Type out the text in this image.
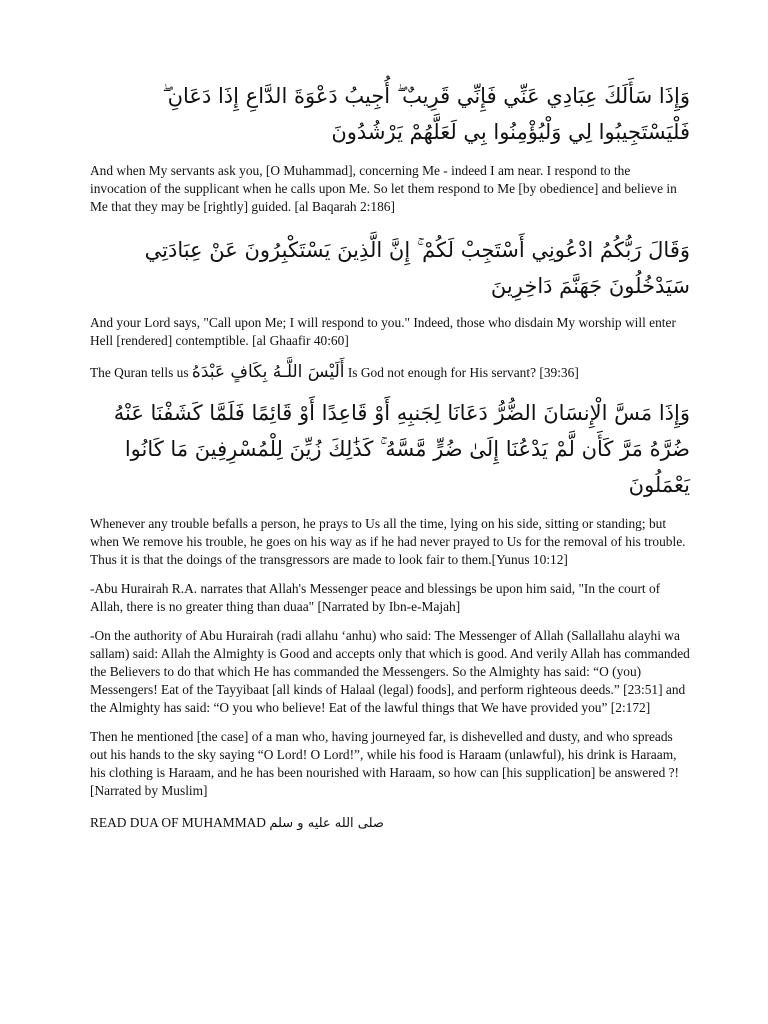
وَإِذَا سَأَلَكَ عِبَادِي عَنِّي فَإِنِّي قَرِيبٌ ۖ أُجِيبُ دَعْوَةَ الدَّاعِ إِذَا دَعَانِ ۖ فَلْيَسْتَجِيبُوا لِي وَلْيُؤْمِنُوا بِي لَعَلَّهُمْ يَرْشُدُونَ

And when My servants ask you, [O Muhammad], concerning Me - indeed I am near. I respond to the invocation of the supplicant when he calls upon Me. So let them respond to Me [by obedience] and believe in Me that they may be [rightly] guided. [al Baqarah 2:186]

وَقَالَ رَبُّكُمُ ادْعُونِي أَسْتَجِبْ لَكُمْ ۚ إِنَّ الَّذِينَ يَسْتَكْبِرُونَ عَنْ عِبَادَتِي سَيَدْخُلُونَ جَهَنَّمَ دَاخِرِينَ

And your Lord says, "Call upon Me; I will respond to you." Indeed, those who disdain My worship will enter Hell [rendered] contemptible. [al Ghaafir 40:60]

The Quran tells us أَلَيْسَ اللَّـهُ بِكَافٍ عَبْدَهُ Is God not enough for His servant? [39:36]

وَإِذَا مَسَّ الْإِنسَانَ الضُّرُّ دَعَانَا لِجَنبِهِ أَوْ قَاعِدًا أَوْ قَائِمًا فَلَمَّا كَشَفْنَا عَنْهُ ضُرَّهُ مَرَّ كَأَن لَّمْ يَدْعُنَا إِلَىٰ ضُرٍّ مَّسَّهُ ۚ كَذَٰلِكَ زُيِّنَ لِلْمُسْرِفِينَ مَا كَانُوا يَعْمَلُونَ

Whenever any trouble befalls a person, he prays to Us all the time, lying on his side, sitting or standing; but when We remove his trouble, he goes on his way as if he had never prayed to Us for the removal of his trouble. Thus it is that the doings of the transgressors are made to look fair to them.[Yunus 10:12]

-Abu Hurairah R.A. narrates that Allah's Messenger peace and blessings be upon him said, "In the court of Allah, there is no greater thing than duaa" [Narrated by Ibn-e-Majah]

-On the authority of Abu Hurairah (radi allahu ‘anhu) who said: The Messenger of Allah (Sallallahu alayhi wa sallam) said: Allah the Almighty is Good and accepts only that which is good. And verily Allah has commanded the Believers to do that which He has commanded the Messengers. So the Almighty has said: “O (you) Messengers! Eat of the Tayyibaat [all kinds of Halaal (legal) foods], and perform righteous deeds.” [23:51] and the Almighty has said: “O you who believe! Eat of the lawful things that We have provided you” [2:172]

Then he mentioned [the case] of a man who, having journeyed far, is dishevelled and dusty, and who spreads out his hands to the sky saying “O Lord! O Lord!”, while his food is Haraam (unlawful), his drink is Haraam, his clothing is Haraam, and he has been nourished with Haraam, so how can [his supplication] be answered ?! [Narrated by Muslim]

READ DUA OF MUHAMMAD صلى الله عليه و سلم
